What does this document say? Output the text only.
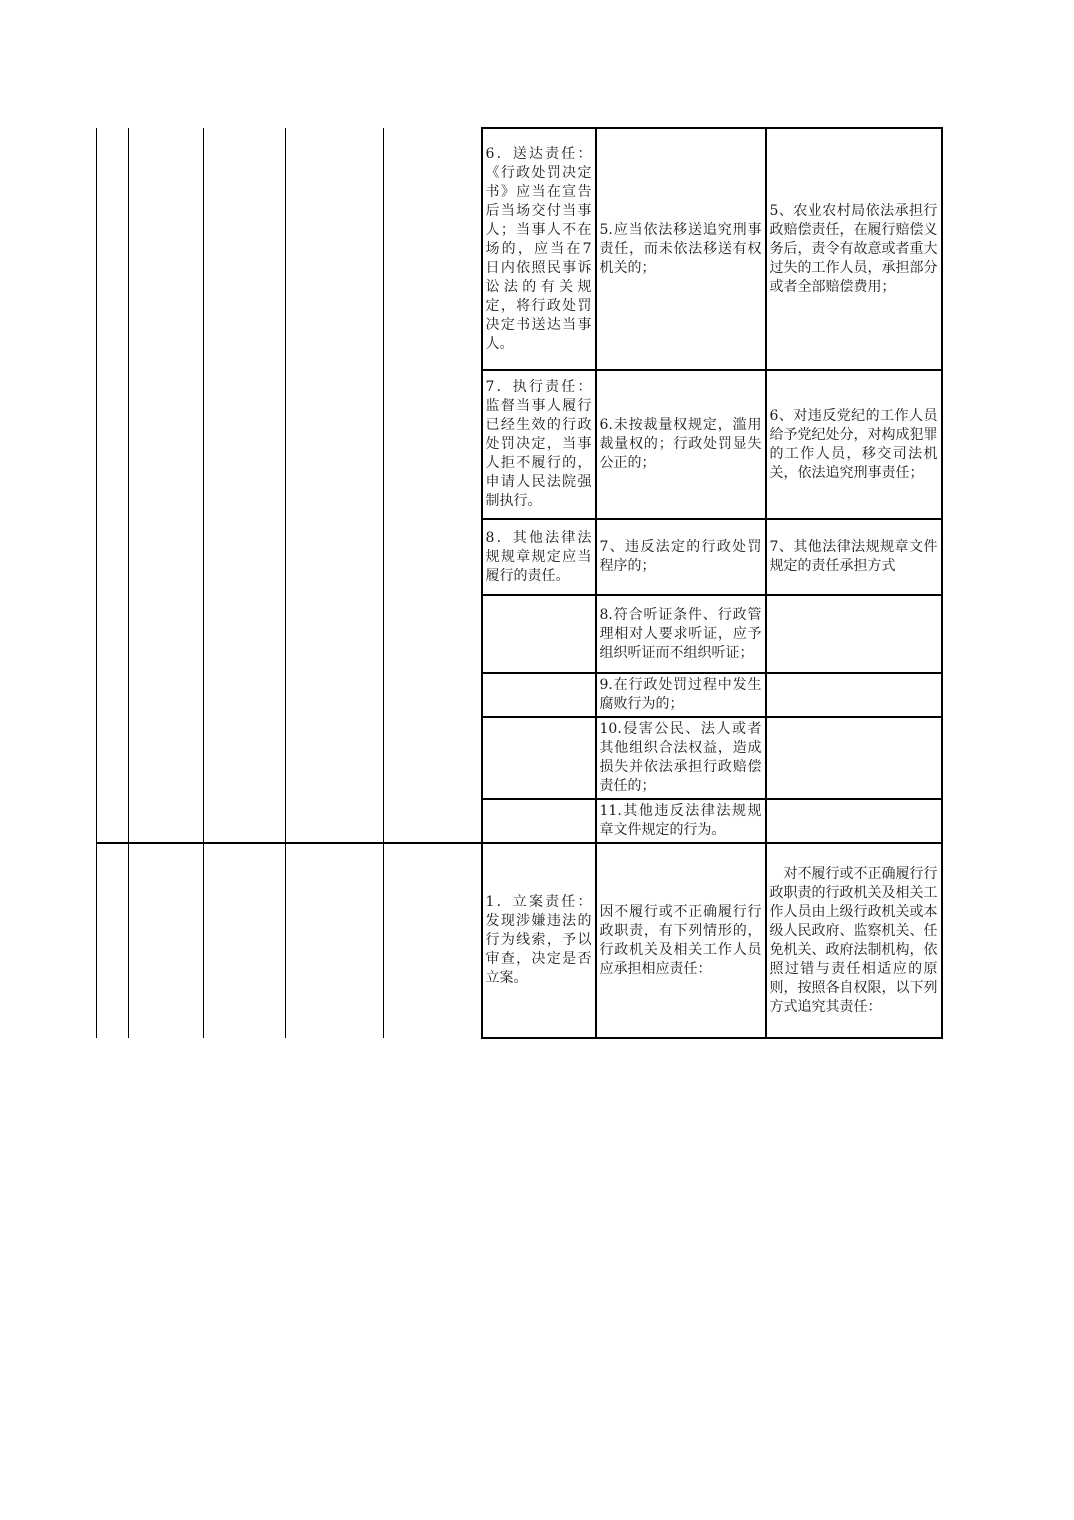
					6．送达责任：《行政处罚决定书》应当在宣告后当场交付当事人；当事人不在场的，应当在7日内依照民事诉讼法的有关规定，将行政处罚决定书送达当事人。	5.应当依法移送追究刑事责任，而未依法移送有权机关的；	5、农业农村局依法承担行政赔偿责任，在履行赔偿义务后，责令有故意或者重大过失的工作人员，承担部分或者全部赔偿费用；
					7．执行责任：监督当事人履行已经生效的行政处罚决定，当事人拒不履行的，申请人民法院强制执行。	6.未按裁量权规定，滥用裁量权的；行政处罚显失公正的；	6、对违反党纪的工作人员给予党纪处分，对构成犯罪的工作人员，移交司法机关，依法追究刑事责任；
					8．其他法律法规规章规定应当履行的责任。	7、违反法定的行政处罚程序的；	7、其他法律法规规章文件规定的责任承担方式
						8.符合听证条件、行政管理相对人要求听证，应予组织听证而不组织听证；	
						9.在行政处罚过程中发生腐败行为的；	
						10.侵害公民、法人或者其他组织合法权益，造成损失并依法承担行政赔偿责任的；	
						11.其他违反法律法规规章文件规定的行为。	
					1．立案责任：发现涉嫌违法的行为线索，予以审查，决定是否立案。	因不履行或不正确履行行政职责，有下列情形的，行政机关及相关工作人员应承担相应责任：	对不履行或不正确履行行政职责的行政机关及相关工作人员由上级行政机关或本级人民政府、监察机关、任免机关、政府法制机构，依照过错与责任相适应的原则，按照各自权限，以下列方式追究其责任：
